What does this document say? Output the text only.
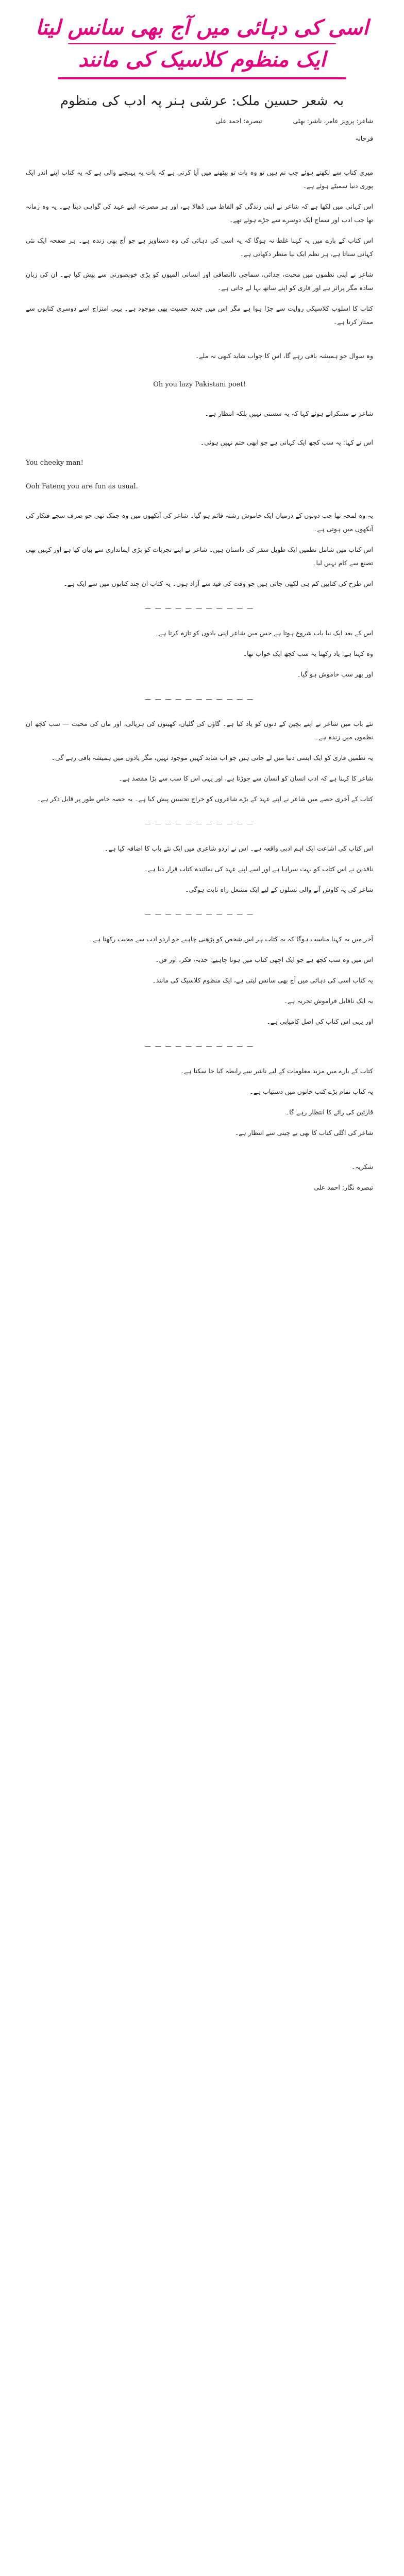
اسی کی دہائی میں آج بھی سانس لیتا
ایک منظوم کلاسیک کی مانند
بہ شعر حسین ملک: عرشی ہنر پہ ادب کی منظوم
شاعر: پرویز عامر، ناشر: بھٹی
تبصرہ: احمد علی
فرحانہ

میری کتاب سے لکھتے ہوئے جب تم ہیں تو وہ بات تو بیٹھنے میں آیا کرتی ہے کہ بات یہ پہنچنے والی ہے کہ یہ کتاب اپنے اندر ایک پوری دنیا سمیٹے ہوئے ہے۔

اس کہانی میں لکھا ہے کہ شاعر نے اپنی زندگی کو الفاظ میں ڈھالا ہے، اور ہر مصرعہ اپنے عہد کی گواہی دیتا ہے۔ یہ وہ زمانہ تھا جب ادب اور سماج ایک دوسرے سے جڑے ہوئے تھے۔

اس کتاب کے بارے میں یہ کہنا غلط نہ ہوگا کہ یہ اسی کی دہائی کی وہ دستاویز ہے جو آج بھی زندہ ہے۔ ہر صفحہ ایک نئی کہانی سناتا ہے، ہر نظم ایک نیا منظر دکھاتی ہے۔

شاعر نے اپنی نظموں میں محبت، جدائی، سماجی ناانصافی اور انسانی المیوں کو بڑی خوبصورتی سے پیش کیا ہے۔ ان کی زبان سادہ مگر پراثر ہے اور قاری کو اپنے ساتھ بہا لے جاتی ہے۔

کتاب کا اسلوب کلاسیکی روایت سے جڑا ہوا ہے مگر اس میں جدید حسیت بھی موجود ہے۔ یہی امتزاج اسے دوسری کتابوں سے ممتاز کرتا ہے۔

وہ سوال جو ہمیشہ باقی رہے گا، اس کا جواب شاید کبھی نہ ملے۔

Oh you lazy Pakistani poet!

شاعر نے مسکراتے ہوئے کہا کہ یہ سستی نہیں بلکہ انتظار ہے۔

اس نے کہا: یہ سب کچھ ایک کہانی ہے جو ابھی ختم نہیں ہوئی۔

You cheeky man!

Ooh Fatenq you are fun as usual.

یہ وہ لمحہ تھا جب دونوں کے درمیان ایک خاموش رشتہ قائم ہو گیا۔ شاعر کی آنکھوں میں وہ چمک تھی جو صرف سچے فنکار کی آنکھوں میں ہوتی ہے۔

اس کتاب میں شامل نظمیں ایک طویل سفر کی داستان ہیں۔ شاعر نے اپنے تجربات کو بڑی ایمانداری سے بیان کیا ہے اور کہیں بھی تصنع سے کام نہیں لیا۔

اس طرح کی کتابیں کم ہی لکھی جاتی ہیں جو وقت کی قید سے آزاد ہوں۔ یہ کتاب ان چند کتابوں میں سے ایک ہے۔

— — — — — — — — — — —

اس کے بعد ایک نیا باب شروع ہوتا ہے جس میں شاعر اپنی یادوں کو تازہ کرتا ہے۔

وہ کہتا ہے: یاد رکھنا یہ سب کچھ ایک خواب تھا۔

اور پھر سب خاموش ہو گیا۔

— — — — — — — — — — —

نئے باب میں شاعر نے اپنے بچپن کے دنوں کو یاد کیا ہے۔ گاؤں کی گلیاں، کھیتوں کی ہریالی، اور ماں کی محبت — سب کچھ ان نظموں میں زندہ ہے۔

یہ نظمیں قاری کو ایک ایسی دنیا میں لے جاتی ہیں جو اب شاید کہیں موجود نہیں، مگر یادوں میں ہمیشہ باقی رہے گی۔

شاعر کا کہنا ہے کہ ادب انسان کو انسان سے جوڑتا ہے، اور یہی اس کا سب سے بڑا مقصد ہے۔

کتاب کے آخری حصے میں شاعر نے اپنے عہد کے بڑے شاعروں کو خراج تحسین پیش کیا ہے۔ یہ حصہ خاص طور پر قابل ذکر ہے۔

— — — — — — — — — — —

اس کتاب کی اشاعت ایک اہم ادبی واقعہ ہے۔ اس نے اردو شاعری میں ایک نئے باب کا اضافہ کیا ہے۔

ناقدین نے اس کتاب کو بہت سراہا ہے اور اسے اپنے عہد کی نمائندہ کتاب قرار دیا ہے۔

شاعر کی یہ کاوش آنے والی نسلوں کے لیے ایک مشعل راہ ثابت ہوگی۔

— — — — — — — — — — —

آخر میں یہ کہنا مناسب ہوگا کہ یہ کتاب ہر اس شخص کو پڑھنی چاہیے جو اردو ادب سے محبت رکھتا ہے۔

اس میں وہ سب کچھ ہے جو ایک اچھی کتاب میں ہونا چاہیے: جذبہ، فکر، اور فن۔

یہ کتاب اسی کی دہائی میں آج بھی سانس لیتی ہے، ایک منظوم کلاسیک کی مانند۔

یہ ایک ناقابل فراموش تجربہ ہے۔

اور یہی اس کتاب کی اصل کامیابی ہے۔

— — — — — — — — — — —

کتاب کے بارے میں مزید معلومات کے لیے ناشر سے رابطہ کیا جا سکتا ہے۔

یہ کتاب تمام بڑے کتب خانوں میں دستیاب ہے۔

قارئین کی رائے کا انتظار رہے گا۔

شاعر کی اگلی کتاب کا بھی بے چینی سے انتظار ہے۔

شکریہ۔

تبصرہ نگار: احمد علی
